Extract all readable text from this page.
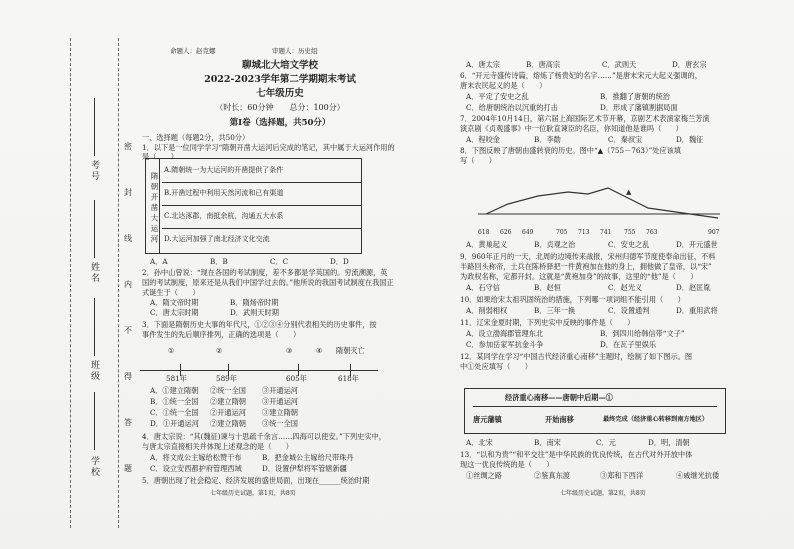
考号
姓名
班级
学校
密
封
线
内
不
得
答
题
命题人：赵克娜	审题人：历史组
聊城北大培文学校
2022-2023学年第二学期期末考试
七年级历史
（时长：60分钟　　总分：100分）
第Ⅰ卷（选择题，共50分）
一、选择题（每题2分，共50分）
1．以下是一位同学学习“隋朝开凿大运河后完成的笔记，其中属于大运河作用的
是（　　）
隋朝开凿大运河
A.隋朝统一为大运河的开凿提供了条件
B.开凿过程中利用天然河流和已有渠道
C.北达涿郡，南抵余杭，沟通五大水系
D.大运河加强了南北经济文化交流
A．A	B．B	C．C	D．D
2．孙中山曾说：“现在各国的考试制度，差不多都是学英国的。穷流溯源，英
国的考试制度，原来还是从我们中国学过去的。”他所说的我国考试制度在我国正
式诞生于（　　）
A．隋文帝时期	B．隋炀帝时期
C．唐太宗时期	D．武则天时期
3．下面是隋朝历史大事的年代尺，①②③④分别代表相关的历史事件，按
事件发生的先后顺序排列，正确的选项是（　　）
①	②	③	④ 隋朝灭亡
581年	589年	605年	618年
A．①建立隋朝 ②统一全国 ③开通运河
B．①统一全国 ②建立隋朝 ③开通运河
C．①统一全国 ②开通运河 ③建立隋朝
D．①开通运河 ②建立隋朝 ③统一全国
4．唐太宗说：“其(魏征)谏与十思疏千余言……四海可以使安。”下列史实中，
与唐太宗直接相关并体现上述观念的是（　　）
A．将文成公主嫁给松赞干布	B．把金城公主嫁给尺带珠丹
C．设立安西都护府管理西域	D．设置伊犁将军管辖新疆
5．唐朝出现了社会稳定、经济发展的盛世局面，出现在______统治时期
七年级历史试题，第1页，共8页
A．唐太宗	B．唐高宗	C．武则天	D．唐玄宗
6．“开元寺盛传诗篇，熔炼了杨贵妃的名字……”是唐末宋元大起义强调的，
唐末农民起义的是（　　）
A．平定了安史之乱	B．推翻了唐朝的统治
C．给唐朝统治以沉重的打击	D．形成了藩镇割据局面
7．2004年10月14日，第六届上海国际艺术节开幕，京剧艺术表演家梅兰芳演
演京剧《贞观盛事》中一位耿直谏臣的名臣，你知道他是谁吗（　　）
A．程咬金	B．李勣	C．秦叔宝	D．魏征
8．下图反映了唐朝由盛转衰的历史。图中“▲（755－763）”处应该填
写（　　）
▲
618 626 649	705 713 741 755 763	907
A．黄巢起义	B．贞观之治	C．安史之乱	D．开元盛世
9．960年正月的一天，北周的边境传来战报，宋州归德军节度使奉命出征，不料
半路回头称帝，士兵在陈桥驿把一件黄袍加在他的身上，拥他做了皇帝，以“宋”
为政权名称，定都开封。这就是“黄袍加身”的故事，这里的“他”是（　　）
A．石守信	B．赵恒	C．赵光义	D．赵匡胤
10．如果给宋太祖巩固统治的措施，下列哪一项词组不能引用（　　）
A．削弱相权	B．三年一换	C．设置通判	D．重用武将
11．辽宋金夏时期，下列史实中反映的事件是（　　）
A．设立渤海郡管理东北	B．到四川给韩信带“文子”
C．参加岳家军抗金斗争	D．在瓦子里娱乐
12．某同学在学习“中国古代经济重心南移”主题时，绘制了如下图示。图
中①处应填写（　　）
经济重心南移——唐朝中后期—①
唐元藩镇	开始南移	最终完成（经济重心转移到南方地区）
A．北宋	B．南宋	C．元	D．明，清朝
13．“以和为贵”“和平交往”是中华民族的优良传统，在古代对外开放中体
现这一优良传统的是（　　）
①丝绸之路	②鉴真东渡	③郑和下西洋	④戚继光抗倭
七年级历史试题，第2页，共8页
